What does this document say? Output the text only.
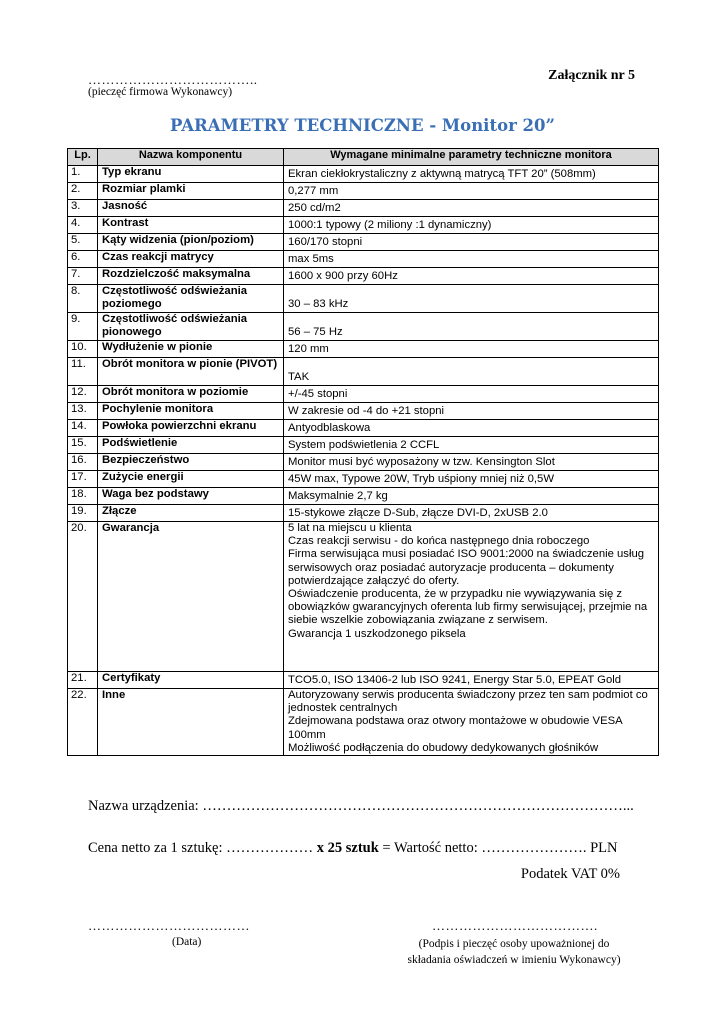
………………………………..
(pieczęć firmowa Wykonawcy)
Załącznik nr 5
PARAMETRY TECHNICZNE - Monitor 20”
Lp.	Nazwa komponentu	Wymagane minimalne parametry techniczne monitora
1.	Typ ekranu	Ekran ciekłokrystaliczny z aktywną matrycą TFT 20” (508mm)
2.	Rozmiar plamki	0,277 mm
3.	Jasność	250 cd/m2
4.	Kontrast	1000:1 typowy (2 miliony :1 dynamiczny)
5.	Kąty widzenia (pion/poziom)	160/170 stopni
6.	Czas reakcji matrycy	max 5ms
7.	Rozdzielczość maksymalna	1600 x 900 przy 60Hz
8.	Częstotliwość odświeżania poziomego	30 – 83 kHz
9.	Częstotliwość odświeżania pionowego	56 – 75 Hz
10.	Wydłużenie w pionie	120 mm
11.	Obrót monitora w pionie (PIVOT)	TAK
12.	Obrót monitora w poziomie	+/-45 stopni
13.	Pochylenie monitora	W zakresie od -4 do +21 stopni
14.	Powłoka powierzchni ekranu	Antyodblaskowa
15.	Podświetlenie	System podświetlenia 2 CCFL
16.	Bezpieczeństwo	Monitor musi być wyposażony w tzw. Kensington Slot
17.	Zużycie energii	45W max, Typowe 20W, Tryb uśpiony mniej niż 0,5W
18.	Waga bez podstawy	Maksymalnie 2,7 kg
19.	Złącze	15-stykowe złącze D-Sub, złącze DVI-D, 2xUSB 2.0
20.	Gwarancja	5 lat na miejscu u klienta
Czas reakcji serwisu - do końca następnego dnia roboczego
Firma serwisująca musi posiadać ISO 9001:2000 na świadczenie usług serwisowych oraz posiadać autoryzacje producenta – dokumenty potwierdzające załączyć do oferty.
Oświadczenie producenta, że w przypadku nie wywiązywania się z obowiązków gwarancyjnych oferenta lub firmy serwisującej, przejmie na siebie wszelkie zobowiązania związane z serwisem.
Gwarancja 1 uszkodzonego piksela

21.	Certyfikaty	TCO5.0, ISO 13406-2 lub ISO 9241, Energy Star 5.0, EPEAT Gold
22.	Inne	Autoryzowany serwis producenta świadczony przez ten sam podmiot co jednostek centralnych
Zdejmowana podstawa oraz otwory montażowe w obudowie VESA 100mm
Możliwość podłączenia do obudowy dedykowanych głośników
Nazwa urządzenia: ……………………………………………………………………………...
Cena netto za 1 sztukę: ……………… x 25 sztuk = Wartość netto: …………………. PLN
Podatek VAT 0%
………………………………
(Data)
……………………………….
(Podpis i pieczęć osoby upoważnionej do
składania oświadczeń w imieniu Wykonawcy)
